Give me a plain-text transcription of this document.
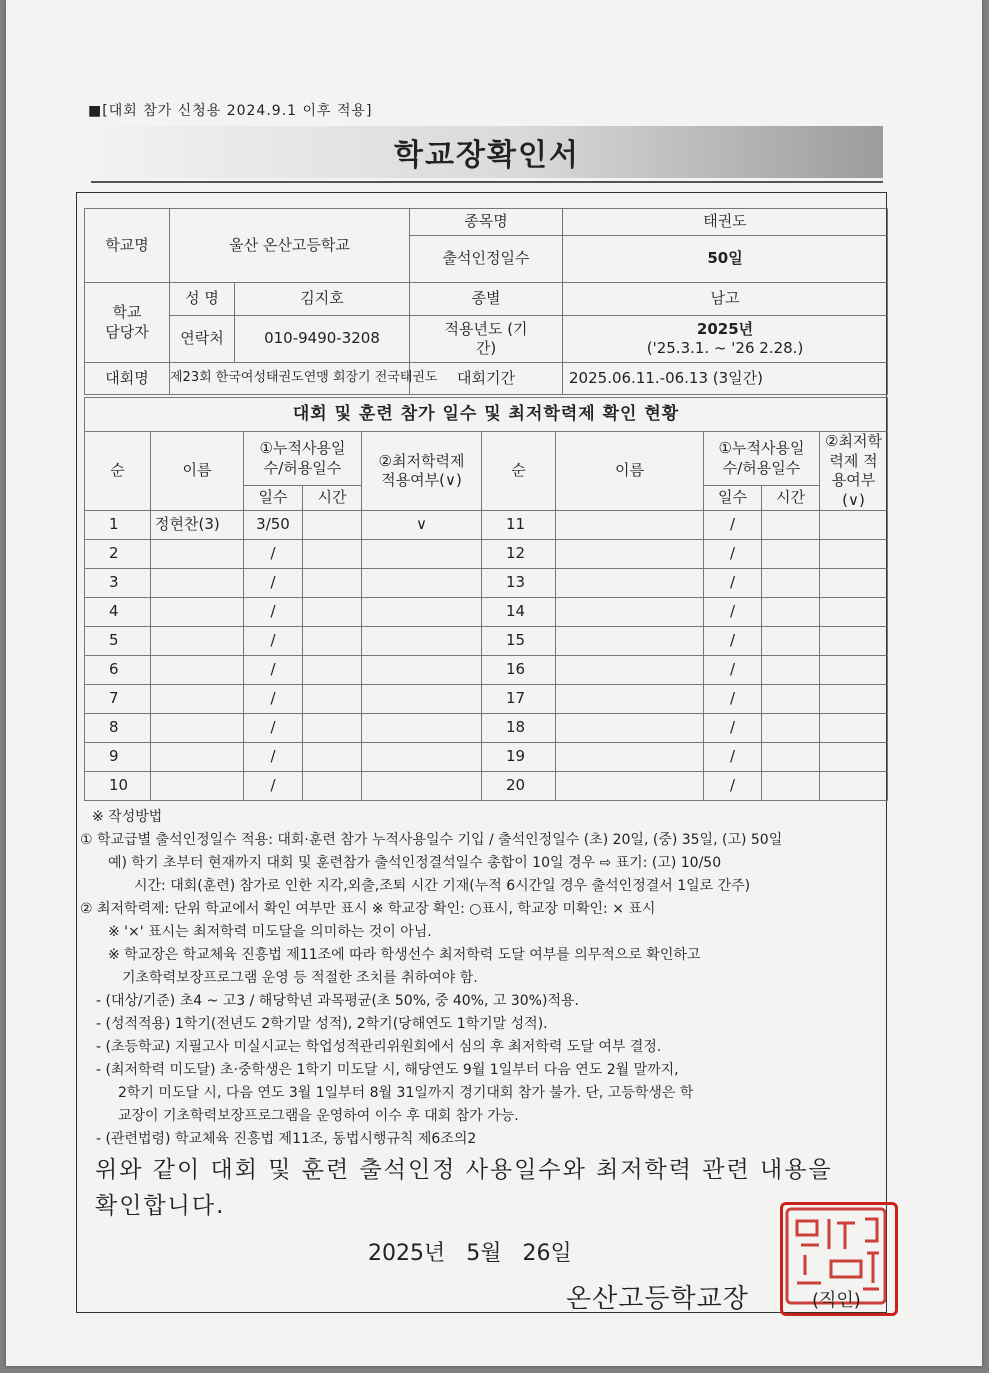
■[대회 참가 신청용 2024.9.1 이후 적용]
학교장확인서
학교명	울산 온산고등학교		종목명	태권도
			출석인정일수	50일
학교 담당자	성 명	김지호	종별	남고
	연락처	010-9490-3208	적용년도 (기간)	2025년
('25.3.1. ~ '26 2.28.)

대회명	제23회 한국여성태권도연맹 회장기 전국태권도		대회기간	2025.06.11.-06.13 (3일간)
대회 및 훈련 참가 일수 및 최저학력제 확인 현황									
순	이름	①누적사용일수/허용일수		②최저학력제 적용여부(∨)	순	이름	①누적사용일수/허용일수		②최저학력제 적용여부(∨)
		일수	시간				일수	시간	
1	정현찬(3)	3/50		∨	11		/		
2		/			12		/		
3		/			13		/		
4		/			14		/		
5		/			15		/		
6		/			16		/		
7		/			17		/		
8		/			18		/		
9		/			19		/		
10		/			20		/		
※ 작성방법
① 학교급별 출석인정일수 적용: 대회·훈련 참가 누적사용일수 기입 / 출석인정일수 (초) 20일, (중) 35일, (고) 50일
예) 학기 초부터 현재까지 대회 및 훈련참가 출석인정결석일수 총합이 10일 경우 ⇨ 표기: (고) 10/50
시간: 대회(훈련) 참가로 인한 지각,외출,조퇴 시간 기재(누적 6시간일 경우 출석인정결서 1일로 간주)
② 최저학력제: 단위 학교에서 확인 여부만 표시 ※ 학교장 확인: ○표시, 학교장 미확인: × 표시
※ '×' 표시는 최저학력 미도달을 의미하는 것이 아님.
※ 학교장은 학교체육 진흥법 제11조에 따라 학생선수 최저학력 도달 여부를 의무적으로 확인하고
기초학력보장프로그램 운영 등 적절한 조치를 취하여야 함.
- (대상/기준) 초4 ~ 고3 / 해당학년 과목평균(초 50%, 중 40%, 고 30%)적용.
- (성적적용) 1학기(전년도 2학기말 성적), 2학기(당해연도 1학기말 성적).
- (초등학교) 지필고사 미실시교는 학업성적관리위원회에서 심의 후 최저학력 도달 여부 결정.
- (최저학력 미도달) 초·중학생은 1학기 미도달 시, 해당연도 9월 1일부터 다음 연도 2월 말까지,
2학기 미도달 시, 다음 연도 3월 1일부터 8월 31일까지 경기대회 참가 불가. 단, 고등학생은 학
교장이 기초학력보장프로그램을 운영하여 이수 후 대회 참가 가능.
- (관련법령) 학교체육 진흥법 제11조, 동법시행규칙 제6조의2
위와 같이 대회 및 훈련 출석인정 사용일수와 최저학력 관련 내용을
확인합니다.
2025년 5월 26일
온산고등학교장	(직인)
